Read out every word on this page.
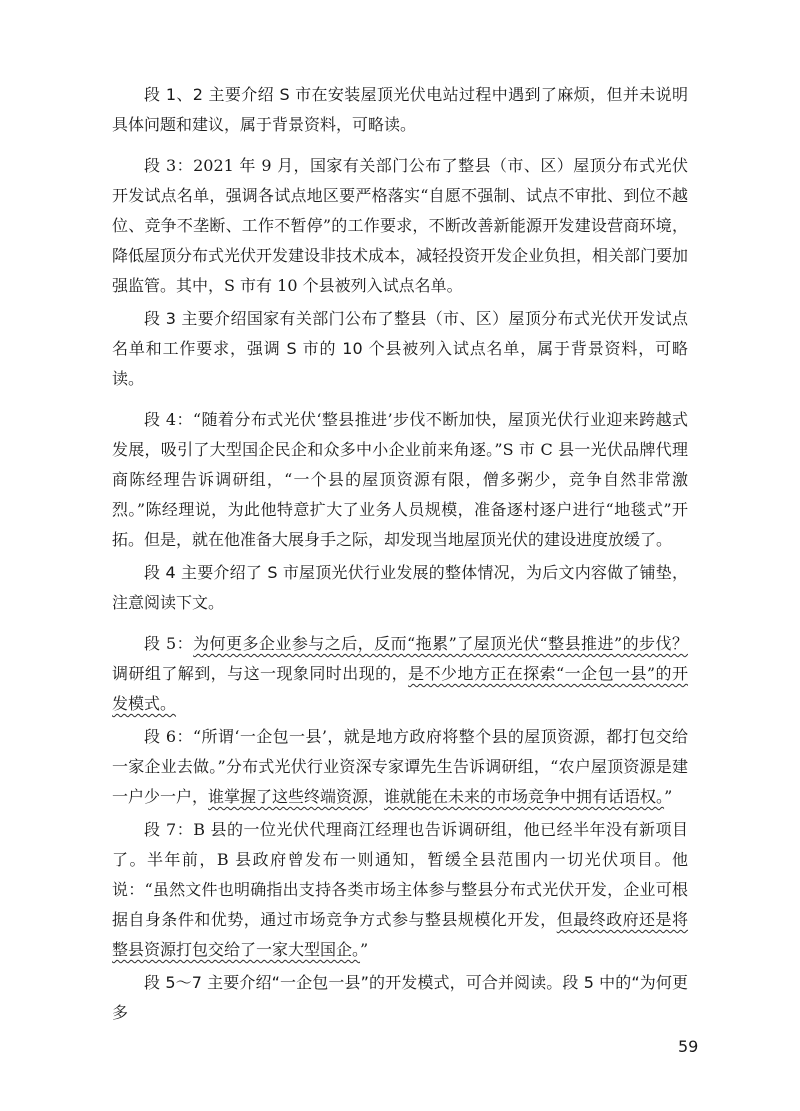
段 1、2 主要介绍 S 市在安装屋顶光伏电站过程中遇到了麻烦，但并未说明具体问题和建议，属于背景资料，可略读。

段 3：2021 年 9 月，国家有关部门公布了整县（市、区）屋顶分布式光伏开发试点名单，强调各试点地区要严格落实“自愿不强制、试点不审批、到位不越位、竞争不垄断、工作不暂停”的工作要求，不断改善新能源开发建设营商环境，降低屋顶分布式光伏开发建设非技术成本，减轻投资开发企业负担，相关部门要加强监管。其中，S 市有 10 个县被列入试点名单。

段 3 主要介绍国家有关部门公布了整县（市、区）屋顶分布式光伏开发试点名单和工作要求，强调 S 市的 10 个县被列入试点名单，属于背景资料，可略读。

段 4：“随着分布式光伏‘整县推进’步伐不断加快，屋顶光伏行业迎来跨越式发展，吸引了大型国企民企和众多中小企业前来角逐。”S 市 C 县一光伏品牌代理商陈经理告诉调研组，“一个县的屋顶资源有限，僧多粥少，竞争自然非常激烈。”陈经理说，为此他特意扩大了业务人员规模，准备逐村逐户进行“地毯式”开拓。但是，就在他准备大展身手之际，却发现当地屋顶光伏的建设进度放缓了。

段 4 主要介绍了 S 市屋顶光伏行业发展的整体情况，为后文内容做了铺垫，注意阅读下文。

段 5：为何更多企业参与之后，反而“拖累”了屋顶光伏“整县推进”的步伐？调研组了解到，与这一现象同时出现的，是不少地方正在探索“一企包一县”的开发模式。

段 6：“所谓‘一企包一县’，就是地方政府将整个县的屋顶资源，都打包交给一家企业去做。”分布式光伏行业资深专家谭先生告诉调研组，“农户屋顶资源是建一户少一户，谁掌握了这些终端资源，谁就能在未来的市场竞争中拥有话语权。”

段 7：B 县的一位光伏代理商江经理也告诉调研组，他已经半年没有新项目了。半年前，B 县政府曾发布一则通知，暂缓全县范围内一切光伏项目。他说：“虽然文件也明确指出支持各类市场主体参与整县分布式光伏开发，企业可根据自身条件和优势，通过市场竞争方式参与整县规模化开发，但最终政府还是将整县资源打包交给了一家大型国企。”

段 5～7 主要介绍“一企包一县”的开发模式，可合并阅读。段 5 中的“为何更多

59
